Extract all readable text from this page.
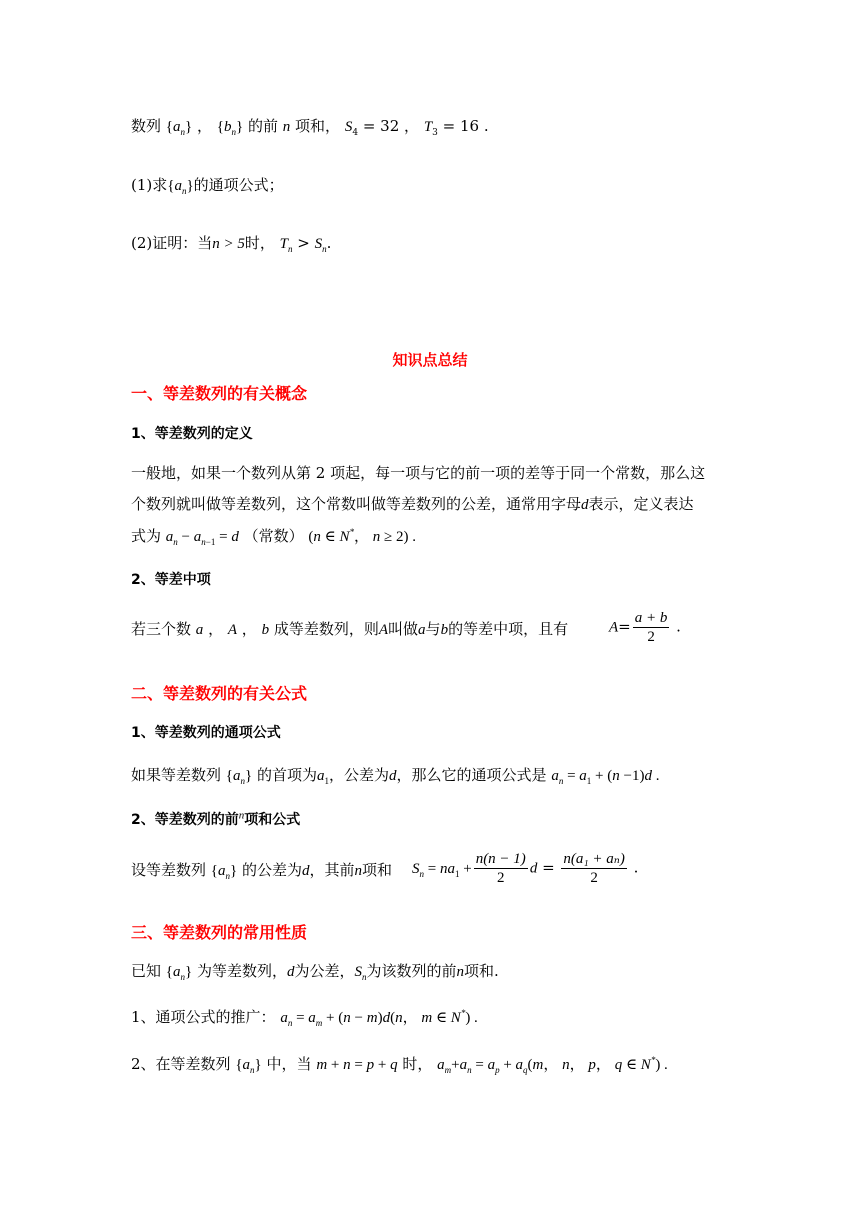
数列 $\{a_n\}$ ， $\{b_n\}$ 的前 n 项和， $S_4 = 32$ ， $T_3 = 16$ .
(1)求$\{a_n\}$的通项公式；
(2)证明：当n > 5时， $T_n > S_n$.
知识点总结
一、等差数列的有关概念
1、等差数列的定义
一般地，如果一个数列从第 2 项起，每一项与它的前一项的差等于同一个常数，那么这
个数列就叫做等差数列，这个常数叫做等差数列的公差，通常用字母d表示，定义表达
式为 $a_n - a_{n-1} = d$ （常数） (n ∈ N*， n ≥ 2) .
2、等差中项
若三个数 a ， A ， b 成等差数列，则A叫做a与b的等差中项，且有	$A= \frac{a + b}{2}$ .
二、等差数列的有关公式
1、等差数列的通项公式
如果等差数列 $\{a_n\}$ 的首项为$a_1$，公差为d，那么它的通项公式是 $a_n = a_1 + (n -1)d$ .
2、等差数列的前$^n$项和公式
设等差数列 $\{a_n\}$ 的公差为d，其前n项和 $S_n = na_1 + \frac{n(n - 1)}{2}$ $d = \frac{\text{n(a₁ + aₙ)}}{2}$ .
三、等差数列的常用性质
已知 $\{a_n\}$ 为等差数列，d为公差，$S_n$为该数列的前n项和.
1、通项公式的推广： $a_n = a_m + (n - m)d(n$， m ∈ N*) .
2、在等差数列 $\{a_n\}$ 中，当 m + n = p + q 时， $a_m+a_n = a_p + a_q(m$， n， p， q ∈ N*) .
